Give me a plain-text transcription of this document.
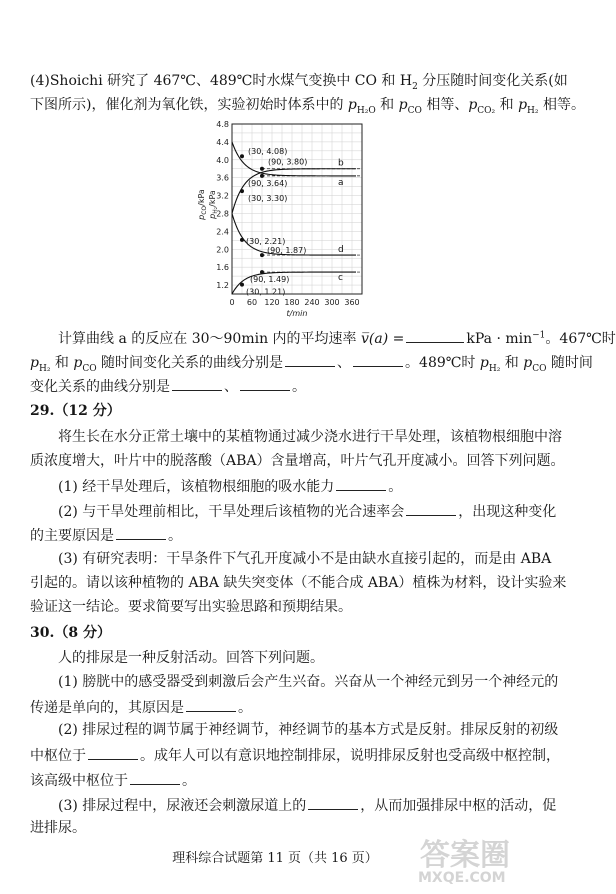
(4)Shoichi 研究了 467℃、489℃时水煤气变换中 CO 和 $H_2$ 分压随时间变化关系(如
下图所示)，催化剂为氧化铁，实验初始时体系中的 $p_{H_2O}$ 和 $p_{CO}$ 相等、$p_{CO_2}$ 和 $p_{H_2}$ 相等。
0 60 120 180 240 300 360
1.2
1.6
2.0
2.4
2.8
3.2
3.6
4.0
4.4
4.8
t/min
$p_{CO}$/kPa
$p_{H_2}$/kPa
a
b
c
d
(30, 4.08)
(90, 3.80)
(90, 3.64)
(30, 3.30)
(30, 2.21)
(90, 1.87)
(90, 1.49)
(30, 1.21)
计算曲线 a 的反应在 30～90min 内的平均速率 v̅(a) =	kPa · $\min^{-1}$。467℃时
$p_{H_2}$ 和 $p_{CO}$ 随时间变化关系的曲线分别是	、	。489℃时 $p_{H_2}$ 和 $p_{CO}$ 随时间
变化关系的曲线分别是	、	。
29.（12 分）
将生长在水分正常土壤中的某植物通过减少浇水进行干旱处理，该植物根细胞中溶
质浓度增大，叶片中的脱落酸（ABA）含量增高，叶片气孔开度减小。回答下列问题。
(1) 经干旱处理后，该植物根细胞的吸水能力	。
(2) 与干旱处理前相比，干旱处理后该植物的光合速率会	，出现这种变化
的主要原因是	。
(3) 有研究表明：干旱条件下气孔开度减小不是由缺水直接引起的，而是由 ABA
引起的。请以该种植物的 ABA 缺失突变体（不能合成 ABA）植株为材料，设计实验来
验证这一结论。要求简要写出实验思路和预期结果。
30.（8 分）
人的排尿是一种反射活动。回答下列问题。
(1) 膀胱中的感受器受到刺激后会产生兴奋。兴奋从一个神经元到另一个神经元的
传递是单向的，其原因是	。
(2) 排尿过程的调节属于神经调节，神经调节的基本方式是反射。排尿反射的初级
中枢位于	。成年人可以有意识地控制排尿，说明排尿反射也受高级中枢控制，
该高级中枢位于	。
(3) 排尿过程中，尿液还会刺激尿道上的	，从而加强排尿中枢的活动，促
进排尿。
理科综合试题第 11 页（共 16 页）	答案圈
MXQE.COM
